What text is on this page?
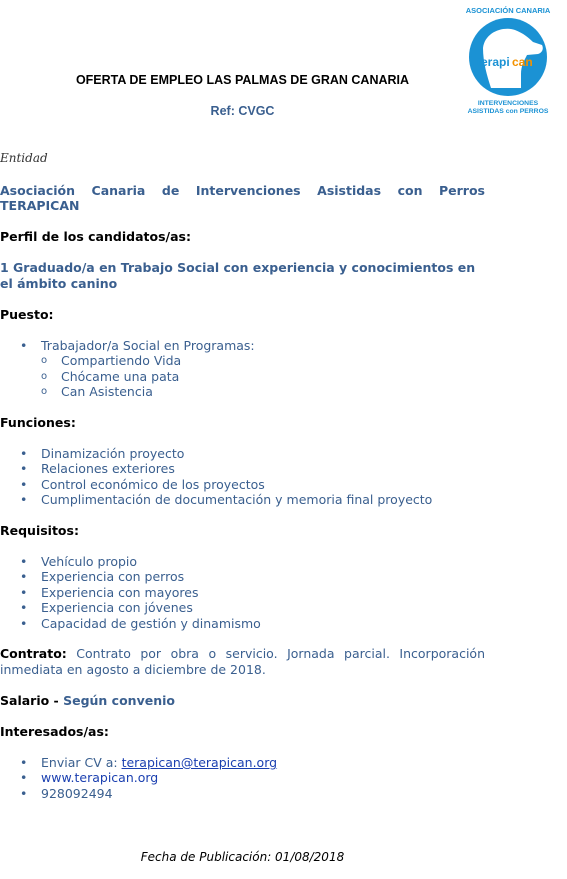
OFERTA DE EMPLEO LAS PALMAS DE GRAN CANARIA
Ref: CVGC
ASOCIACIÓN CANARIA
terapi can
INTERVENCIONES
ASISTIDAS con PERROS
Entidad
Asociación Canaria de Intervenciones Asistidas con Perros
TERAPICAN
Perfil de los candidatos/as:
1 Graduado/a en Trabajo Social con experiencia y conocimientos en el ámbito canino
Puesto:
• Trabajador/a Social en Programas:
o Compartiendo Vida
o Chócame una pata
o Can Asistencia
Funciones:
• Dinamización proyecto
• Relaciones exteriores
• Control económico de los proyectos
• Cumplimentación de documentación y memoria final proyecto
Requisitos:
• Vehículo propio
• Experiencia con perros
• Experiencia con mayores
• Experiencia con jóvenes
• Capacidad de gestión y dinamismo
Contrato: Contrato por obra o servicio. Jornada parcial. Incorporación inmediata en agosto a diciembre de 2018.
Salario - Según convenio
Interesados/as:
• Enviar CV a: terapican@terapican.org
• www.terapican.org
• 928092494
Fecha de Publicación: 01/08/2018
